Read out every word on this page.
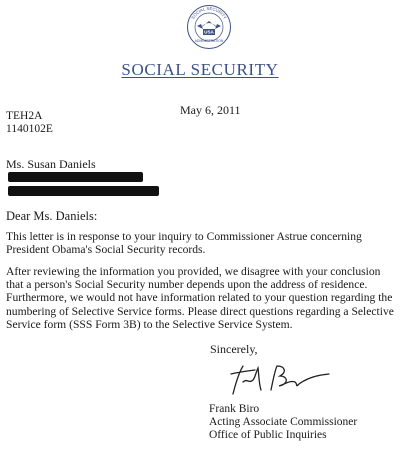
SOCIAL SECURITY
USA
ADMINISTRATION
SOCIAL SECURITY
May 6, 2011
TEH2A
1140102E
Ms. Susan Daniels
Dear Ms. Daniels:

This letter is in response to your inquiry to Commissioner Astrue concerning President Obama's Social Security records.

After reviewing the information you provided, we disagree with your conclusion that a person's Social Security number depends upon the address of residence. Furthermore, we would not have information related to your question regarding the numbering of Selective Service forms. Please direct questions regarding a Selective Service form (SSS Form 3B) to the Selective Service System.

Sincerely,
Frank Biro
Acting Associate Commissioner
Office of Public Inquiries
